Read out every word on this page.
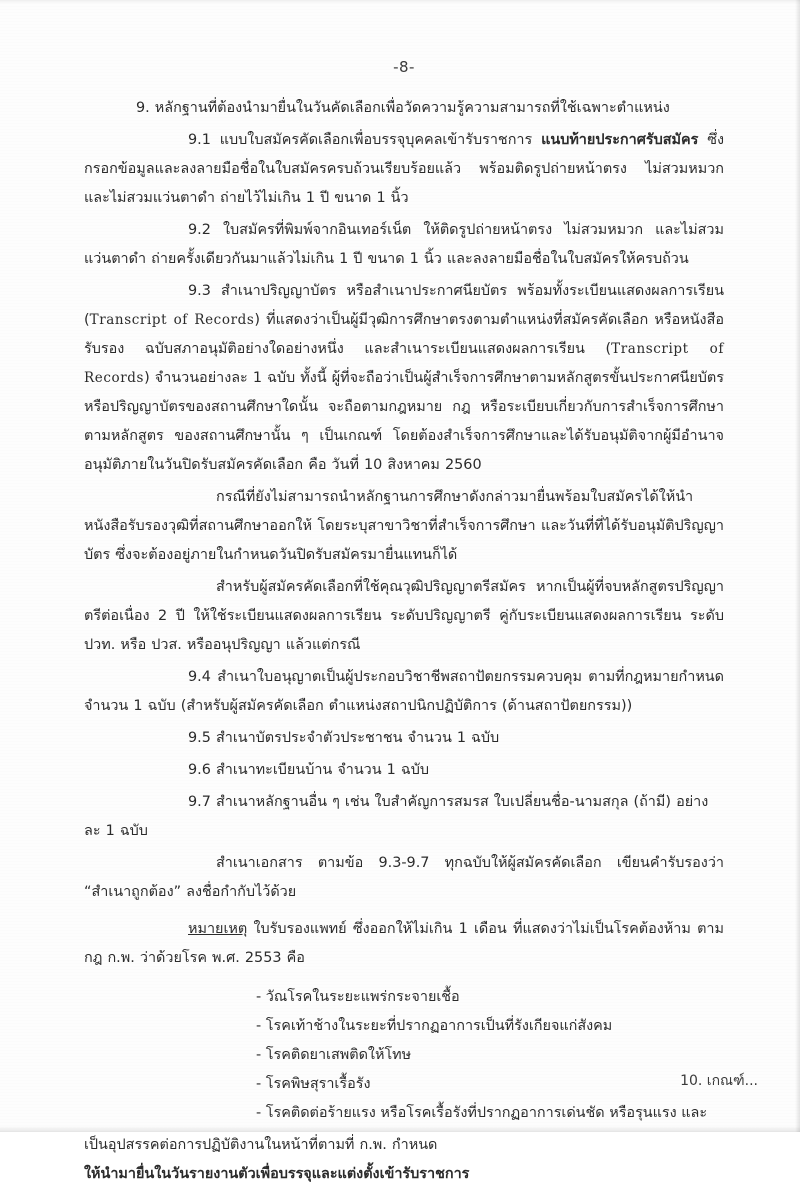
-8-

9. หลักฐานที่ต้องนำมายื่นในวันคัดเลือกเพื่อวัดความรู้ความสามารถที่ใช้เฉพาะตำแหน่ง

9.1 แบบใบสมัครคัดเลือกเพื่อบรรจุบุคคลเข้ารับราชการ แนบท้ายประกาศรับสมัคร ซึ่งกรอกข้อมูลและลงลายมือชื่อในใบสมัครครบถ้วนเรียบร้อยแล้ว พร้อมติดรูปถ่ายหน้าตรง ไม่สวมหมวก และไม่สวมแว่นตาดำ ถ่ายไว้ไม่เกิน 1 ปี ขนาด 1 นิ้ว

9.2 ใบสมัครที่พิมพ์จากอินเทอร์เน็ต ให้ติดรูปถ่ายหน้าตรง ไม่สวมหมวก และไม่สวมแว่นตาดำ ถ่ายครั้งเดียวกันมาแล้วไม่เกิน 1 ปี ขนาด 1 นิ้ว และลงลายมือชื่อในใบสมัครให้ครบถ้วน

9.3 สำเนาปริญญาบัตร หรือสำเนาประกาศนียบัตร พร้อมทั้งระเบียนแสดงผลการเรียน (Transcript of Records) ที่แสดงว่าเป็นผู้มีวุฒิการศึกษาตรงตามตำแหน่งที่สมัครคัดเลือก หรือหนังสือรับรอง ฉบับสภาอนุมัติอย่างใดอย่างหนึ่ง และสำเนาระเบียนแสดงผลการเรียน (Transcript of Records) จำนวนอย่างละ 1 ฉบับ ทั้งนี้ ผู้ที่จะถือว่าเป็นผู้สำเร็จการศึกษาตามหลักสูตรขั้นประกาศนียบัตร หรือปริญญาบัตรของสถานศึกษาใดนั้น จะถือตามกฎหมาย กฎ หรือระเบียบเกี่ยวกับการสำเร็จการศึกษาตามหลักสูตร ของสถานศึกษานั้น ๆ เป็นเกณฑ์ โดยต้องสำเร็จการศึกษาและได้รับอนุมัติจากผู้มีอำนาจอนุมัติภายในวันปิดรับสมัครคัดเลือก คือ วันที่ 10 สิงหาคม 2560

กรณีที่ยังไม่สามารถนำหลักฐานการศึกษาดังกล่าวมายื่นพร้อมใบสมัครได้ให้นำหนังสือรับรองวุฒิที่สถานศึกษาออกให้ โดยระบุสาขาวิชาที่สำเร็จการศึกษา และวันที่ที่ได้รับอนุมัติปริญญาบัตร ซึ่งจะต้องอยู่ภายในกำหนดวันปิดรับสมัครมายื่นแทนก็ได้

สำหรับผู้สมัครคัดเลือกที่ใช้คุณวุฒิปริญญาตรีสมัคร หากเป็นผู้ที่จบหลักสูตรปริญญาตรีต่อเนื่อง 2 ปี ให้ใช้ระเบียนแสดงผลการเรียน ระดับปริญญาตรี คู่กับระเบียนแสดงผลการเรียน ระดับ ปวท. หรือ ปวส. หรืออนุปริญญา แล้วแต่กรณี

9.4 สำเนาใบอนุญาตเป็นผู้ประกอบวิชาชีพสถาปัตยกรรมควบคุม ตามที่กฎหมายกำหนด จำนวน 1 ฉบับ (สำหรับผู้สมัครคัดเลือก ตำแหน่งสถาปนิกปฏิบัติการ (ด้านสถาปัตยกรรม))

9.5 สำเนาบัตรประจำตัวประชาชน จำนวน 1 ฉบับ

9.6 สำเนาทะเบียนบ้าน จำนวน 1 ฉบับ

9.7 สำเนาหลักฐานอื่น ๆ เช่น ใบสำคัญการสมรส ใบเปลี่ยนชื่อ-นามสกุล (ถ้ามี) อย่างละ 1 ฉบับ

สำเนาเอกสาร ตามข้อ 9.3-9.7 ทุกฉบับให้ผู้สมัครคัดเลือก เขียนคำรับรองว่า “สำเนาถูกต้อง” ลงชื่อกำกับไว้ด้วย

หมายเหตุ ใบรับรองแพทย์ ซึ่งออกให้ไม่เกิน 1 เดือน ที่แสดงว่าไม่เป็นโรคต้องห้าม ตามกฎ ก.พ. ว่าด้วยโรค พ.ศ. 2553 คือ

- วัณโรคในระยะแพร่กระจายเชื้อ
- โรคเท้าช้างในระยะที่ปรากฏอาการเป็นที่รังเกียจแก่สังคม
- โรคติดยาเสพติดให้โทษ
- โรคพิษสุราเรื้อรัง
- โรคติดต่อร้ายแรง หรือโรคเรื้อรังที่ปรากฏอาการเด่นชัด หรือรุนแรง และ

เป็นอุปสรรคต่อการปฏิบัติงานในหน้าที่ตามที่ ก.พ. กำหนด

ให้นำมายื่นในวันรายงานตัวเพื่อบรรจุและแต่งตั้งเข้ารับราชการ

10. เกณฑ์...
